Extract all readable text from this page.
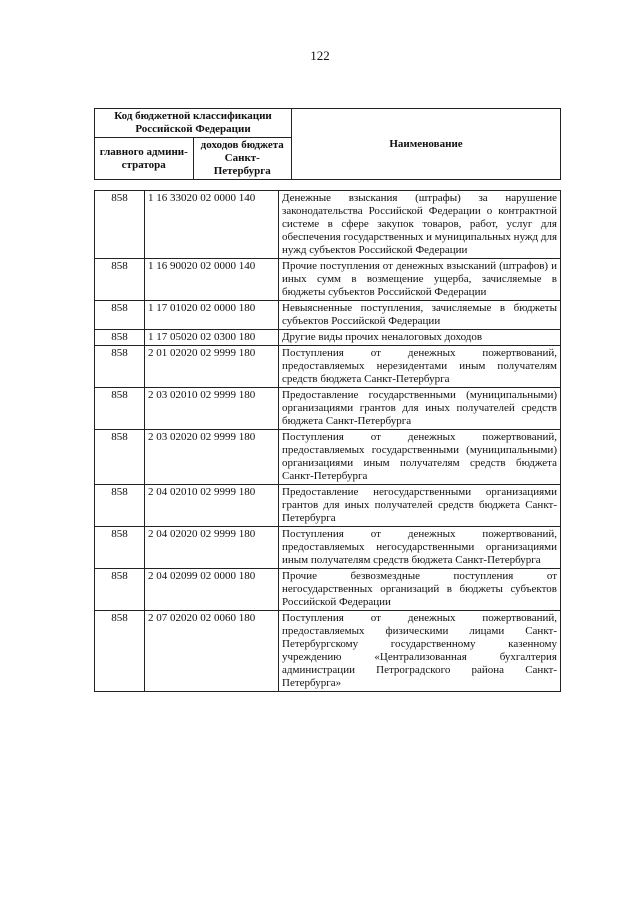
122
Код бюджетной классификации Российской Федерации		Наименование
главного админи-стратора	доходов бюджета Санкт-Петербурга	
858	1 16 33020 02 0000 140	Денежные взыскания (штрафы) за нарушение законодательства Российской Федерации о контрактной системе в сфере закупок товаров, работ, услуг для обеспечения государственных и муниципальных нужд для нужд субъектов Российской Федерации
858	1 16 90020 02 0000 140	Прочие поступления от денежных взысканий (штрафов) и иных сумм в возмещение ущерба, зачисляемые в бюджеты субъектов Российской Федерации
858	1 17 01020 02 0000 180	Невыясненные поступления, зачисляемые в бюджеты субъектов Российской Федерации
858	1 17 05020 02 0300 180	Другие виды прочих неналоговых доходов
858	2 01 02020 02 9999 180	Поступления от денежных пожертвований, предоставляемых нерезидентами иным получателям средств бюджета Санкт-Петербурга
858	2 03 02010 02 9999 180	Предоставление государственными (муниципальными) организациями грантов для иных получателей средств бюджета Санкт-Петербурга
858	2 03 02020 02 9999 180	Поступления от денежных пожертвований, предоставляемых государственными (муниципальными) организациями иным получателям средств бюджета Санкт-Петербурга
858	2 04 02010 02 9999 180	Предоставление негосударственными организациями грантов для иных получателей средств бюджета Санкт-Петербурга
858	2 04 02020 02 9999 180	Поступления от денежных пожертвований, предоставляемых негосударственными организациями иным получателям средств бюджета Санкт-Петербурга
858	2 04 02099 02 0000 180	Прочие безвозмездные поступления от негосударственных организаций в бюджеты субъектов Российской Федерации
858	2 07 02020 02 0060 180	Поступления от денежных пожертвований, предоставляемых физическими лицами Санкт-Петербургскому государственному казенному учреждению «Централизованная бухгалтерия администрации Петроградского района Санкт-Петербурга»
